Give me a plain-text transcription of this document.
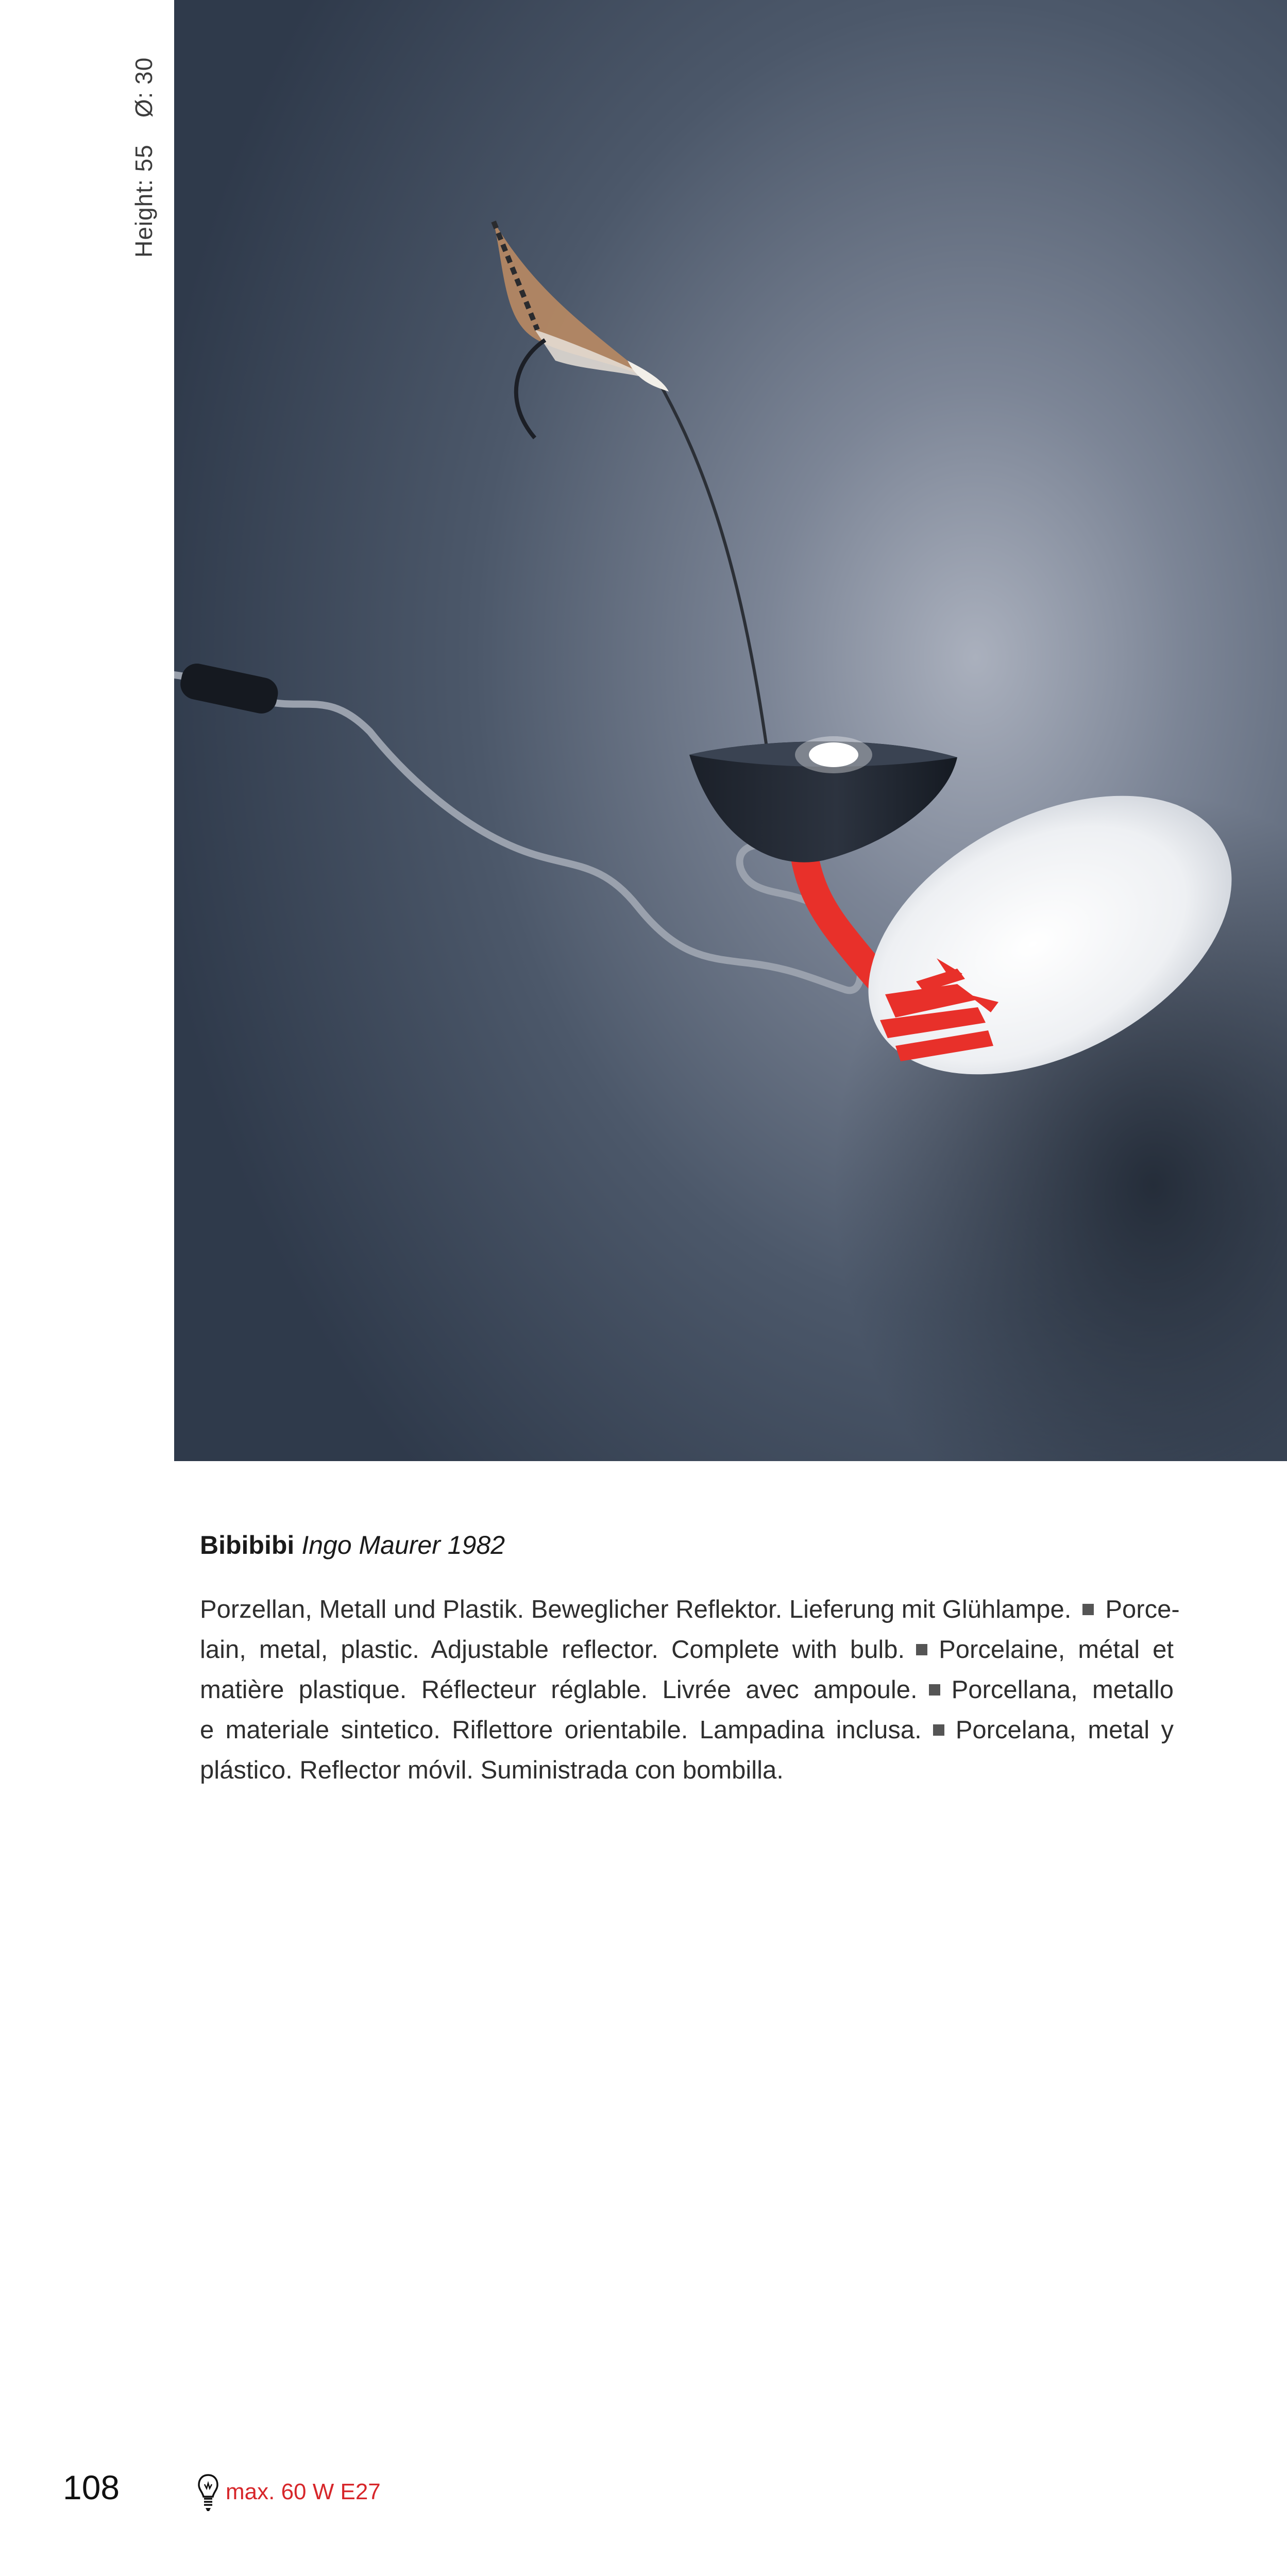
Height: 55Ø: 30
Bibibibi Ingo Maurer 1982
Porzellan, Metall und Plastik. Beweglicher Reflektor. Lieferung mit Glühlampe. Porce-
lain, metal, plastic. Adjustable reflector. Complete with bulb. Porcelaine, métal et
matière plastique. Réflecteur réglable. Livrée avec ampoule. Porcellana, metallo
e materiale sintetico. Riflettore orientabile. Lampadina inclusa. Porcelana, metal y
plástico. Reflector móvil. Suministrada con bombilla.
108	max. 60 W E27
